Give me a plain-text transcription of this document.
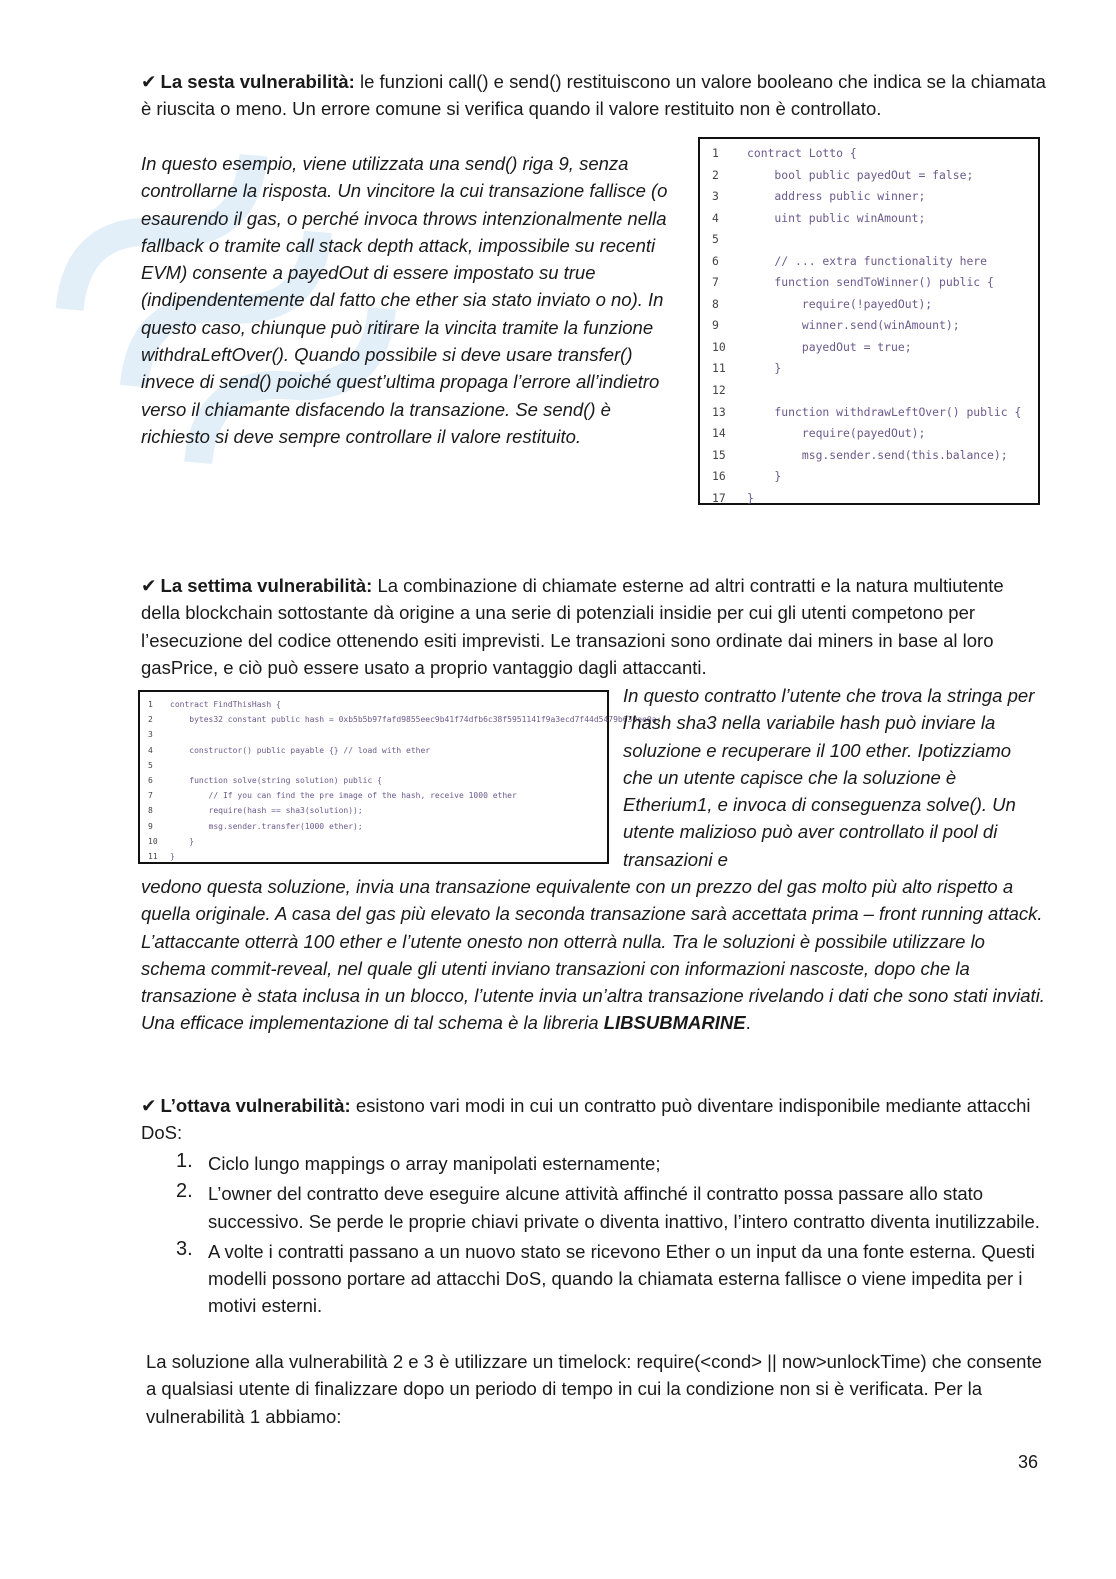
✔ La sesta vulnerabilità: le funzioni call() e send() restituiscono un valore booleano che indica se la chiamata è riuscita o meno. Un errore comune si verifica quando il valore restituito non è controllato.

In questo esempio, viene utilizzata una send() riga 9, senza controllarne la risposta. Un vincitore la cui transazione fallisce (o esaurendo il gas, o perché invoca throws intenzionalmente nella fallback o tramite call stack depth attack, impossibile su recenti EVM) consente a payedOut di essere impostato su true (indipendentemente dal fatto che ether sia stato inviato o no). In questo caso, chiunque può ritirare la vincita tramite la funzione withdraLeftOver(). Quando possibile si deve usare transfer() invece di send() poiché quest’ultima propaga l’errore all’indietro verso il chiamante disfacendo la transazione. Se send() è richiesto si deve sempre controllare il valore restituito.

1	contract Lotto {
2	bool public payedOut = false;
3	address public winner;
4	uint public winAmount;
5
6	// ... extra functionality here
7	function sendToWinner() public {
8	require(!payedOut);
9	winner.send(winAmount);
10	payedOut = true;
11	}
12
13	function withdrawLeftOver() public {
14	require(payedOut);
15	msg.sender.send(this.balance);
16	}
17	}

✔ La settima vulnerabilità: La combinazione di chiamate esterne ad altri contratti e la natura multiutente della blockchain sottostante dà origine a una serie di potenziali insidie per cui gli utenti competono per l’esecuzione del codice ottenendo esiti imprevisti. Le transazioni sono ordinate dai miners in base al loro gasPrice, e ciò può essere usato a proprio vantaggio dagli attaccanti.

1	contract FindThisHash {
2	bytes32 constant public hash = 0xb5b5b97fafd9855eec9b41f74dfb6c38f5951141f9a3ecd7f44d5479b630ee0a;
3
4	constructor() public payable {} // load with ether
5
6	function solve(string solution) public {
7	// If you can find the pre image of the hash, receive 1000 ether
8	require(hash == sha3(solution));
9	msg.sender.transfer(1000 ether);
10	}
11	}

In questo contratto l’utente che trova la stringa per l’hash sha3 nella variabile hash può inviare la soluzione e recuperare il 100 ether. Ipotizziamo che un utente capisce che la soluzione è Etherium1, e invoca di conseguenza solve(). Un utente malizioso può aver controllato il pool di transazioni e

vedono questa soluzione, invia una transazione equivalente con un prezzo del gas molto più alto rispetto a quella originale. A casa del gas più elevato la seconda transazione sarà accettata prima – front running attack. L’attaccante otterrà 100 ether e l’utente onesto non otterrà nulla. Tra le soluzioni è possibile utilizzare lo schema commit-reveal, nel quale gli utenti inviano transazioni con informazioni nascoste, dopo che la transazione è stata inclusa in un blocco, l’utente invia un’altra transazione rivelando i dati che sono stati inviati. Una efficace implementazione di tal schema è la libreria LIBSUBMARINE.

✔ L’ottava vulnerabilità: esistono vari modi in cui un contratto può diventare indisponibile mediante attacchi DoS:

1. Ciclo lungo mappings o array manipolati esternamente;
2. L’owner del contratto deve eseguire alcune attività affinché il contratto possa passare allo stato successivo. Se perde le proprie chiavi private o diventa inattivo, l’intero contratto diventa inutilizzabile.
3. A volte i contratti passano a un nuovo stato se ricevono Ether o un input da una fonte esterna. Questi modelli possono portare ad attacchi DoS, quando la chiamata esterna fallisce o viene impedita per i motivi esterni.

La soluzione alla vulnerabilità 2 e 3 è utilizzare un timelock: require(<cond> || now>unlockTime) che consente a qualsiasi utente di finalizzare dopo un periodo di tempo in cui la condizione non si è verificata. Per la vulnerabilità 1 abbiamo:

36
